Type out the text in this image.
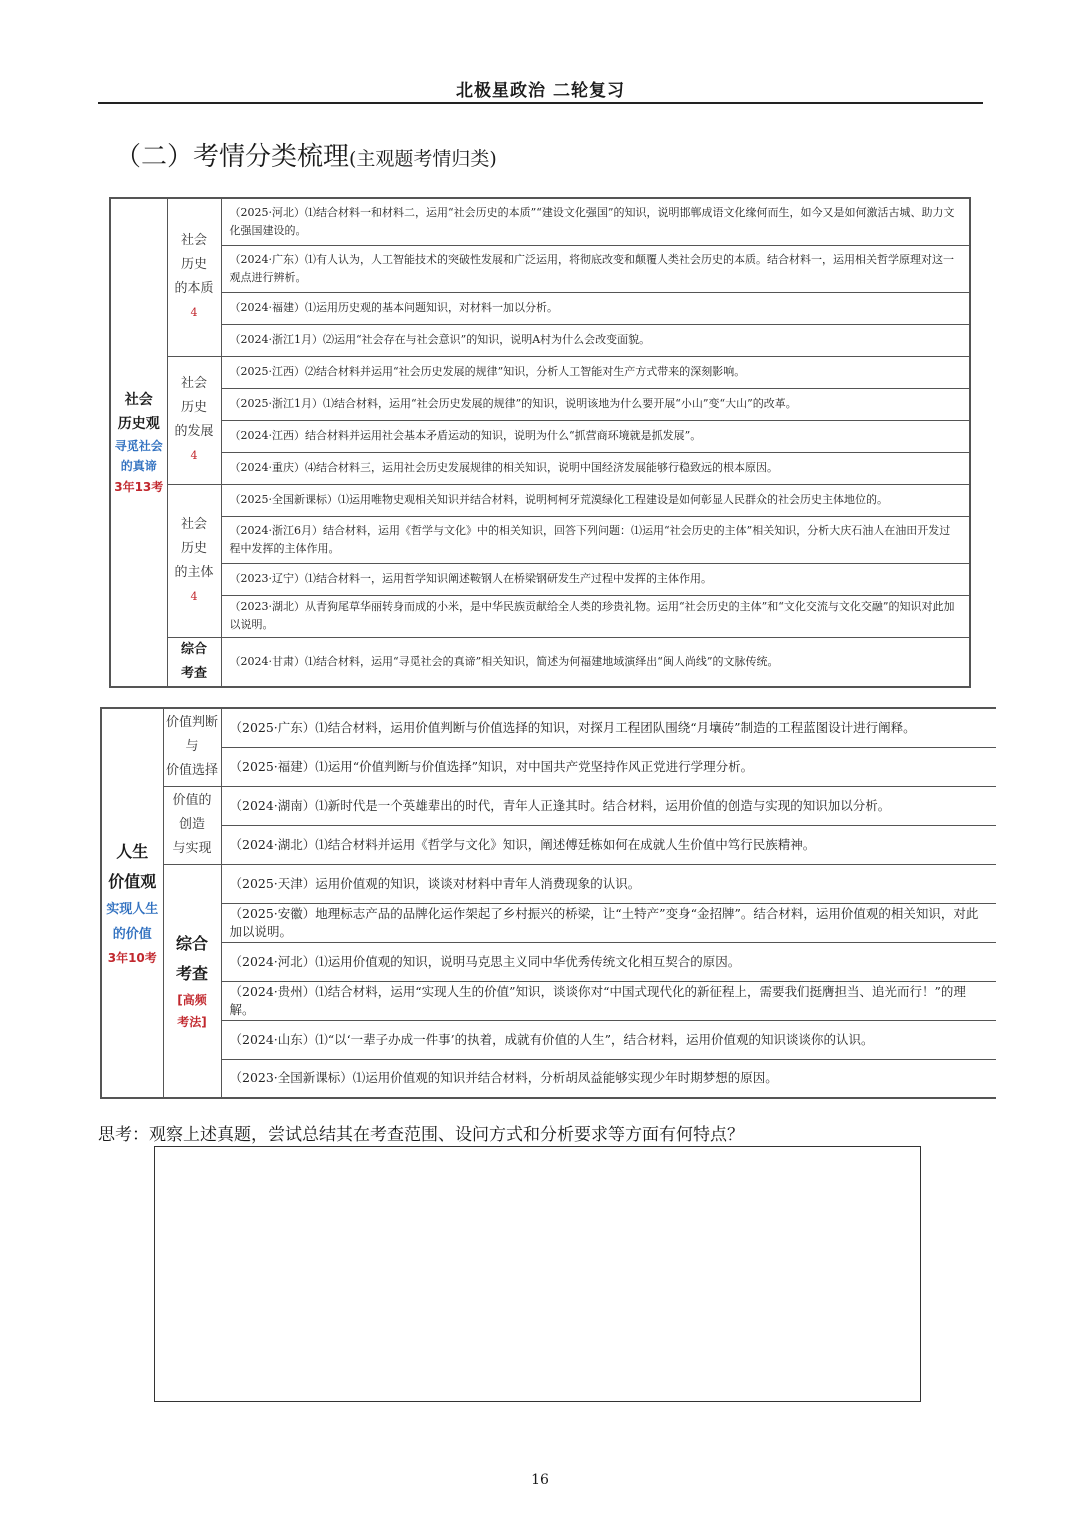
北极星政治 二轮复习
（二）考情分类梳理(主观题考情归类)
社会
历史观
寻觅社会
的真谛
3年13考	社会
历史
的本质
4	（2025·河北）⑴结合材料一和材料二，运用“社会历史的本质”“建设文化强国”的知识，说明邯郸成语文化缘何而生，如今又是如何激活古城、助力文化强国建设的。
		（2024·广东）⑴有人认为，人工智能技术的突破性发展和广泛运用，将彻底改变和颠覆人类社会历史的本质。结合材料一，运用相关哲学原理对这一观点进行辨析。
		（2024·福建）⑴运用历史观的基本问题知识，对材料一加以分析。
		（2024·浙江1月）⑵运用“社会存在与社会意识”的知识，说明A村为什么会改变面貌。
	社会
历史
的发展
4	（2025·江西）⑵结合材料并运用“社会历史发展的规律”知识，分析人工智能对生产方式带来的深刻影响。
		（2025·浙江1月）⑴结合材料，运用“社会历史发展的规律”的知识，说明该地为什么要开展“小山”变“大山”的改革。
		（2024·江西）结合材料并运用社会基本矛盾运动的知识，说明为什么“抓营商环境就是抓发展”。
		（2024·重庆）⑷结合材料三，运用社会历史发展规律的相关知识，说明中国经济发展能够行稳致远的根本原因。
	社会
历史
的主体
4	（2025·全国新课标）⑴运用唯物史观相关知识并结合材料，说明柯柯牙荒漠绿化工程建设是如何彰显人民群众的社会历史主体地位的。
		（2024·浙江6月）结合材料，运用《哲学与文化》中的相关知识，回答下列问题：⑴运用“社会历史的主体”相关知识，分析大庆石油人在油田开发过程中发挥的主体作用。
		（2023·辽宁）⑴结合材料一，运用哲学知识阐述鞍钢人在桥梁钢研发生产过程中发挥的主体作用。
		（2023·湖北）从青狗尾草华丽转身而成的小米，是中华民族贡献给全人类的珍贵礼物。运用“社会历史的主体”和“文化交流与文化交融”的知识对此加以说明。
	综合
考查	（2024·甘肃）⑴结合材料，运用“寻觅社会的真谛”相关知识，简述为何福建地域演绎出“闽人尚线”的文脉传统。
人生
价值观
实现人生
的价值
3年10考	价值判断
与
价值选择	（2025·广东）⑴结合材料，运用价值判断与价值选择的知识，对探月工程团队围绕“月壤砖”制造的工程蓝图设计进行阐释。
		（2025·福建）⑴运用“价值判断与价值选择”知识，对中国共产党坚持作风正党进行学理分析。
	价值的
创造
与实现	（2024·湖南）⑴新时代是一个英雄辈出的时代，青年人正逢其时。结合材料，运用价值的创造与实现的知识加以分析。
		（2024·湖北）⑴结合材料并运用《哲学与文化》知识，阐述傅廷栋如何在成就人生价值中笃行民族精神。
	综合
考查
[高频
考法]	（2025·天津）运用价值观的知识，谈谈对材料中青年人消费现象的认识。
		（2025·安徽）地理标志产品的品牌化运作架起了乡村振兴的桥梁，让“土特产”变身“金招牌”。结合材料，运用价值观的相关知识，对此加以说明。
		（2024·河北）⑴运用价值观的知识，说明马克思主义同中华优秀传统文化相互契合的原因。
		（2024·贵州）⑴结合材料，运用“实现人生的价值”知识，谈谈你对“中国式现代化的新征程上，需要我们挺膺担当、追光而行！”的理解。
		（2024·山东）⑴“以‘一辈子办成一件事’的执着，成就有价值的人生”，结合材料，运用价值观的知识谈谈你的认识。
		（2023·全国新课标）⑴运用价值观的知识并结合材料，分析胡凤益能够实现少年时期梦想的原因。
思考：观察上述真题，尝试总结其在考查范围、设问方式和分析要求等方面有何特点？
16
